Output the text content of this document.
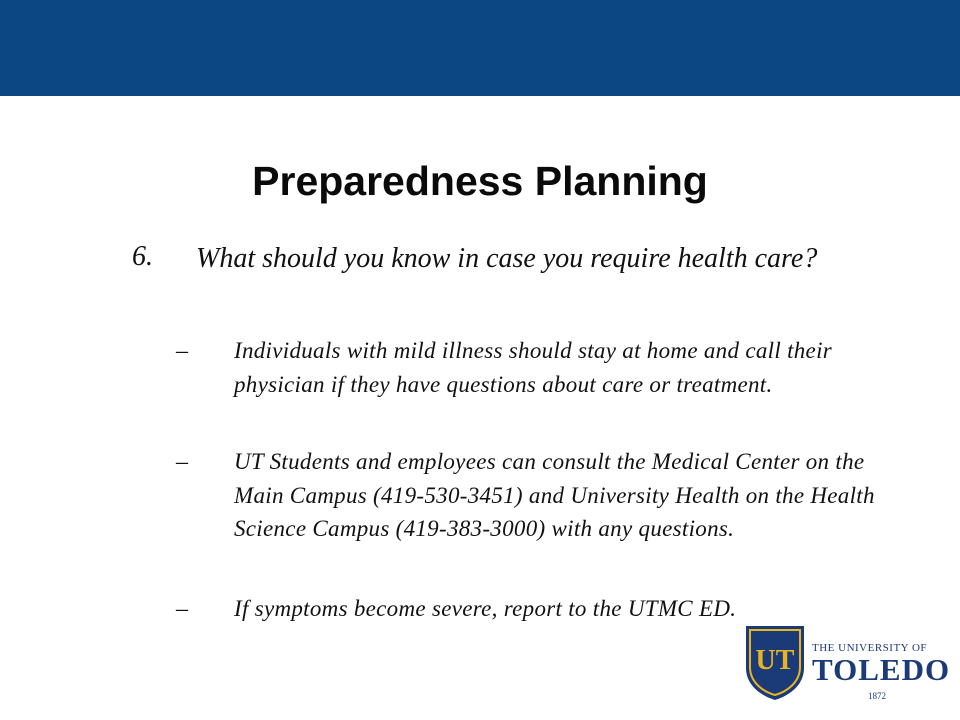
Preparedness Planning
6. What should you know in case you require health care?
– Individuals with mild illness should stay at home and call their physician if they have questions about care or treatment.
– UT Students and employees can consult the Medical Center on the Main Campus (419-530-3451) and University Health on the Health Science Campus (419-383-3000) with any questions.
– If symptoms become severe, report to the UTMC ED.
UT THE UNIVERSITY OF
TOLEDO
1872
